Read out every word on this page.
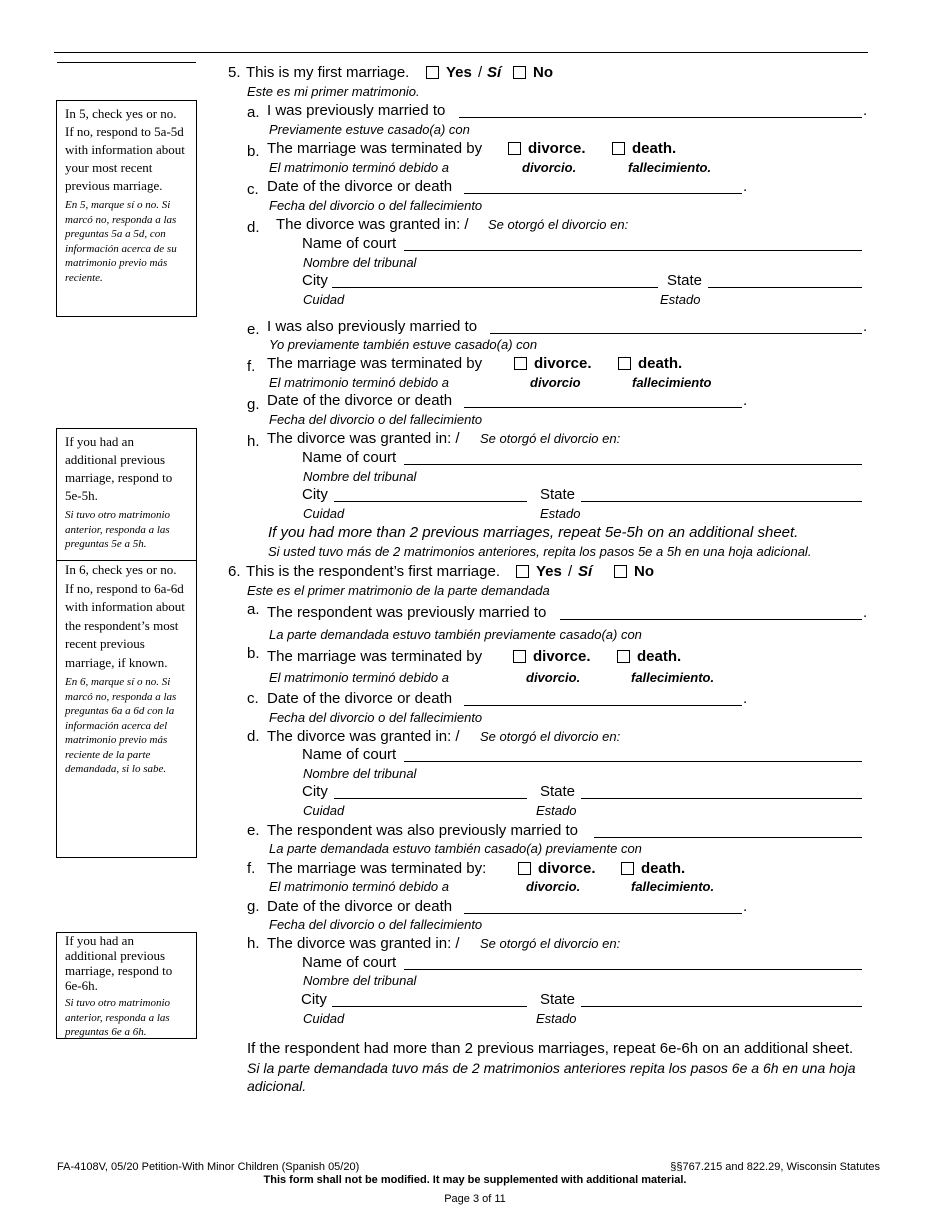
In 5, check yes or no. If no, respond to 5a-5d with information about your most recent previous marriage.
En 5, marque sí o no. Si marcó no, responda a las preguntas 5a a 5d, con información acerca de su matrimonio previo más reciente.
If you had an additional previous marriage, respond to 5e-5h.
Si tuvo otro matrimonio anterior, responda a las preguntas 5e a 5h.
In 6, check yes or no. If no, respond to 6a-6d with information about the respondent’s most recent previous marriage, if known.
En 6, marque sí o no. Si marcó no, responda a las preguntas 6a a 6d con la información acerca del matrimonio previo más reciente de la parte demandada, si lo sabe.
If you had an additional previous marriage, respond to 6e-6h.
Si tuvo otro matrimonio anterior, responda a las preguntas 6e a 6h.
5. This is my first marriage. Yes / Sí No
Este es mi primer matrimonio.
a. I was previously married to	.
Previamente estuve casado(a) con
b. The marriage was terminated by	divorce.	death.
El matrimonio terminó debido a	divorcio.	fallecimiento.
c. Date of the divorce or death	.
Fecha del divorcio o del fallecimiento
d. The divorce was granted in: / Se otorgó el divorcio en:
Name of court
Nombre del tribunal
City	State
Cuidad	Estado
e. I was also previously married to	.
Yo previamente también estuve casado(a) con
f. The marriage was terminated by	divorce.	death.
El matrimonio terminó debido a	divorcio	fallecimiento
g. Date of the divorce or death	.
Fecha del divorcio o del fallecimiento
h. The divorce was granted in: / Se otorgó el divorcio en:
Name of court
Nombre del tribunal
City	State
Cuidad	Estado
If you had more than 2 previous marriages, repeat 5e-5h on an additional sheet.
Si usted tuvo más de 2 matrimonios anteriores, repita los pasos 5e a 5h en una hoja adicional.
6. This is the respondent’s first marriage. Yes / Sí	No
Este es el primer matrimonio de la parte demandada
a. The respondent was previously married to	.
La parte demandada estuvo también previamente casado(a) con
b. The marriage was terminated by	divorce.	death.
El matrimonio terminó debido a	divorcio.	fallecimiento.
c. Date of the divorce or death	.
Fecha del divorcio o del fallecimiento
d. The divorce was granted in: / Se otorgó el divorcio en:
Name of court
Nombre del tribunal
City	State
Cuidad	Estado
e. The respondent was also previously married to
La parte demandada estuvo también casado(a) previamente con
f. The marriage was terminated by:	divorce.	death.
El matrimonio terminó debido a	divorcio.	fallecimiento.
g. Date of the divorce or death	.
Fecha del divorcio o del fallecimiento
h. The divorce was granted in: / Se otorgó el divorcio en:
Name of court
Nombre del tribunal
City	State
Cuidad	Estado
If the respondent had more than 2 previous marriages, repeat 6e-6h on an additional sheet.
Si la parte demandada tuvo más de 2 matrimonios anteriores repita los pasos 6e a 6h en una hoja
adicional.
FA-4108V, 05/20 Petition-With Minor Children (Spanish 05/20)	§§767.215 and 822.29, Wisconsin Statutes
This form shall not be modified. It may be supplemented with additional material.
Page 3 of 11
